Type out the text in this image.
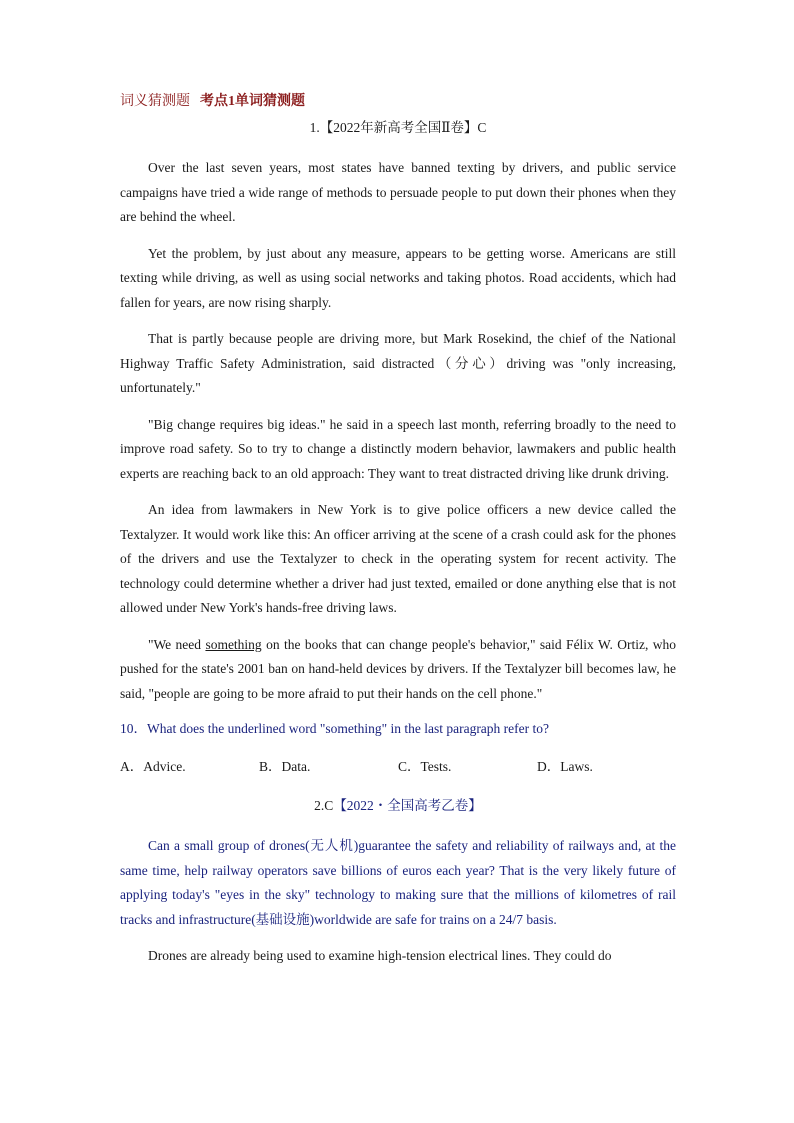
词义猜测题 考点1单词猜测题
1.【2022年新高考全国Ⅱ卷】C

Over the last seven years, most states have banned texting by drivers, and public service campaigns have tried a wide range of methods to persuade people to put down their phones when they are behind the wheel.

Yet the problem, by just about any measure, appears to be getting worse. Americans are still texting while driving, as well as using social networks and taking photos. Road accidents, which had fallen for years, are now rising sharply.

That is partly because people are driving more, but Mark Rosekind, the chief of the National Highway Traffic Safety Administration, said distracted（分心）driving was "only increasing, unfortunately."

"Big change requires big ideas." he said in a speech last month, referring broadly to the need to improve road safety. So to try to change a distinctly modern behavior, lawmakers and public health experts are reaching back to an old approach: They want to treat distracted driving like drunk driving.

An idea from lawmakers in New York is to give police officers a new device called the Textalyzer. It would work like this: An officer arriving at the scene of a crash could ask for the phones of the drivers and use the Textalyzer to check in the operating system for recent activity. The technology could determine whether a driver had just texted, emailed or done anything else that is not allowed under New York's hands-free driving laws.

"We need something on the books that can change people's behavior," said Félix W. Ortiz, who pushed for the state's 2001 ban on hand-held devices by drivers. If the Textalyzer bill becomes law, he said, "people are going to be more afraid to put their hands on the cell phone."

10．What does the underlined word "something" in the last paragraph refer to?
A．Advice.	B．Data.	C．Tests.	D．Laws.
2.C【2022・全国高考乙卷】

Can a small group of drones(无人机)guarantee the safety and reliability of railways and, at the same time, help railway operators save billions of euros each year? That is the very likely future of applying today's "eyes in the sky" technology to making sure that the millions of kilometres of rail tracks and infrastructure(基础设施)worldwide are safe for trains on a 24/7 basis.

Drones are already being used to examine high-tension electrical lines. They could do
